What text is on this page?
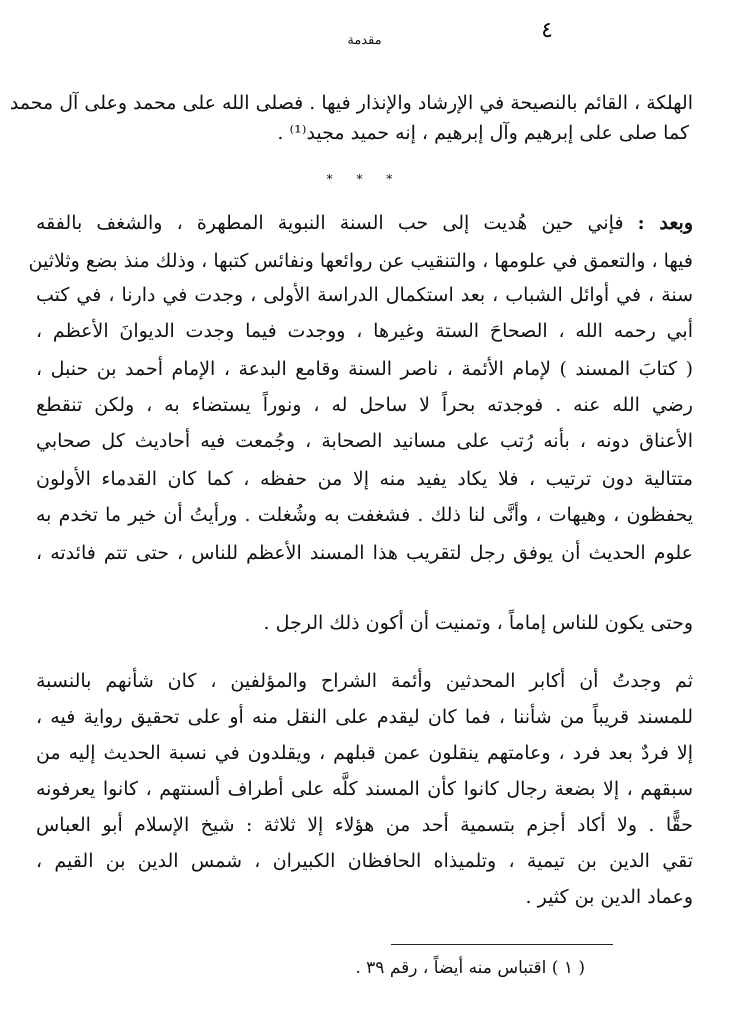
٤
مقدمة
الهلكة ، القائم بالنصيحة في الإرشاد والإنذار فيها . فصلى الله على محمد وعلى آل محمد
كما صلى على إبرهيم وآل إبرهيم ، إنه حميد مجيد⁽¹⁾ .
* * *
وبعد : فإني حين هُديت إلى حب السنة النبوية المطهرة ، والشغف بالفقه
فيها ، والتعمق في علومها ، والتنقيب عن روائعها ونفائس كتبها ، وذلك منذ بضع وثلاثين
سنة ، في أوائل الشباب ، بعد استكمال الدراسة الأولى ، وجدت في دارنا ، في كتب
أبي رحمه الله ، الصحاحَ الستة وغيرها ، ووجدت فيما وجدت الديوانَ الأعظم ،
( كتابَ المسند ) لإمام الأئمة ، ناصر السنة وقامع البدعة ، الإمام أحمد بن حنبل ،
رضي الله عنه . فوجدته بحراً لا ساحل له ، ونوراً يستضاء به ، ولكن تنقطع
الأعناق دونه ، بأنه رُتب على مسانيد الصحابة ، وجُمعت فيه أحاديث كل صحابي
متتالية دون ترتيب ، فلا يكاد يفيد منه إلا من حفظه ، كما كان القدماء الأولون
يحفظون ، وهيهات ، وأنَّى لنا ذلك . فشغفت به وشُغلت . ورأيتُ أن خير ما تخدم به
علوم الحديث أن يوفق رجل لتقريب هذا المسند الأعظم للناس ، حتى تتم فائدته ،
وحتى يكون للناس إماماً ، وتمنيت أن أكون ذلك الرجل .
ثم وجدتُ أن أكابر المحدثين وأئمة الشراح والمؤلفين ، كان شأنهم بالنسبة
للمسند قريباً من شأننا ، فما كان ليقدم على النقل منه أو على تحقيق رواية فيه ،
إلا فردٌ بعد فرد ، وعامتهم ينقلون عمن قبلهم ، ويقلدون في نسبة الحديث إليه من
سبقهم ، إلا بضعة رجال كانوا كأن المسند كلَّه على أطراف ألسنتهم ، كانوا يعرفونه
حقًّا . ولا أكاد أجزم بتسمية أحد من هؤلاء إلا ثلاثة : شيخ الإسلام أبو العباس
تقي الدين بن تيمية ، وتلميذاه الحافظان الكبيران ، شمس الدين بن القيم ،
وعماد الدين بن كثير .
( ١ ) اقتباس منه أيضاً ، رقم ٣٩ .
